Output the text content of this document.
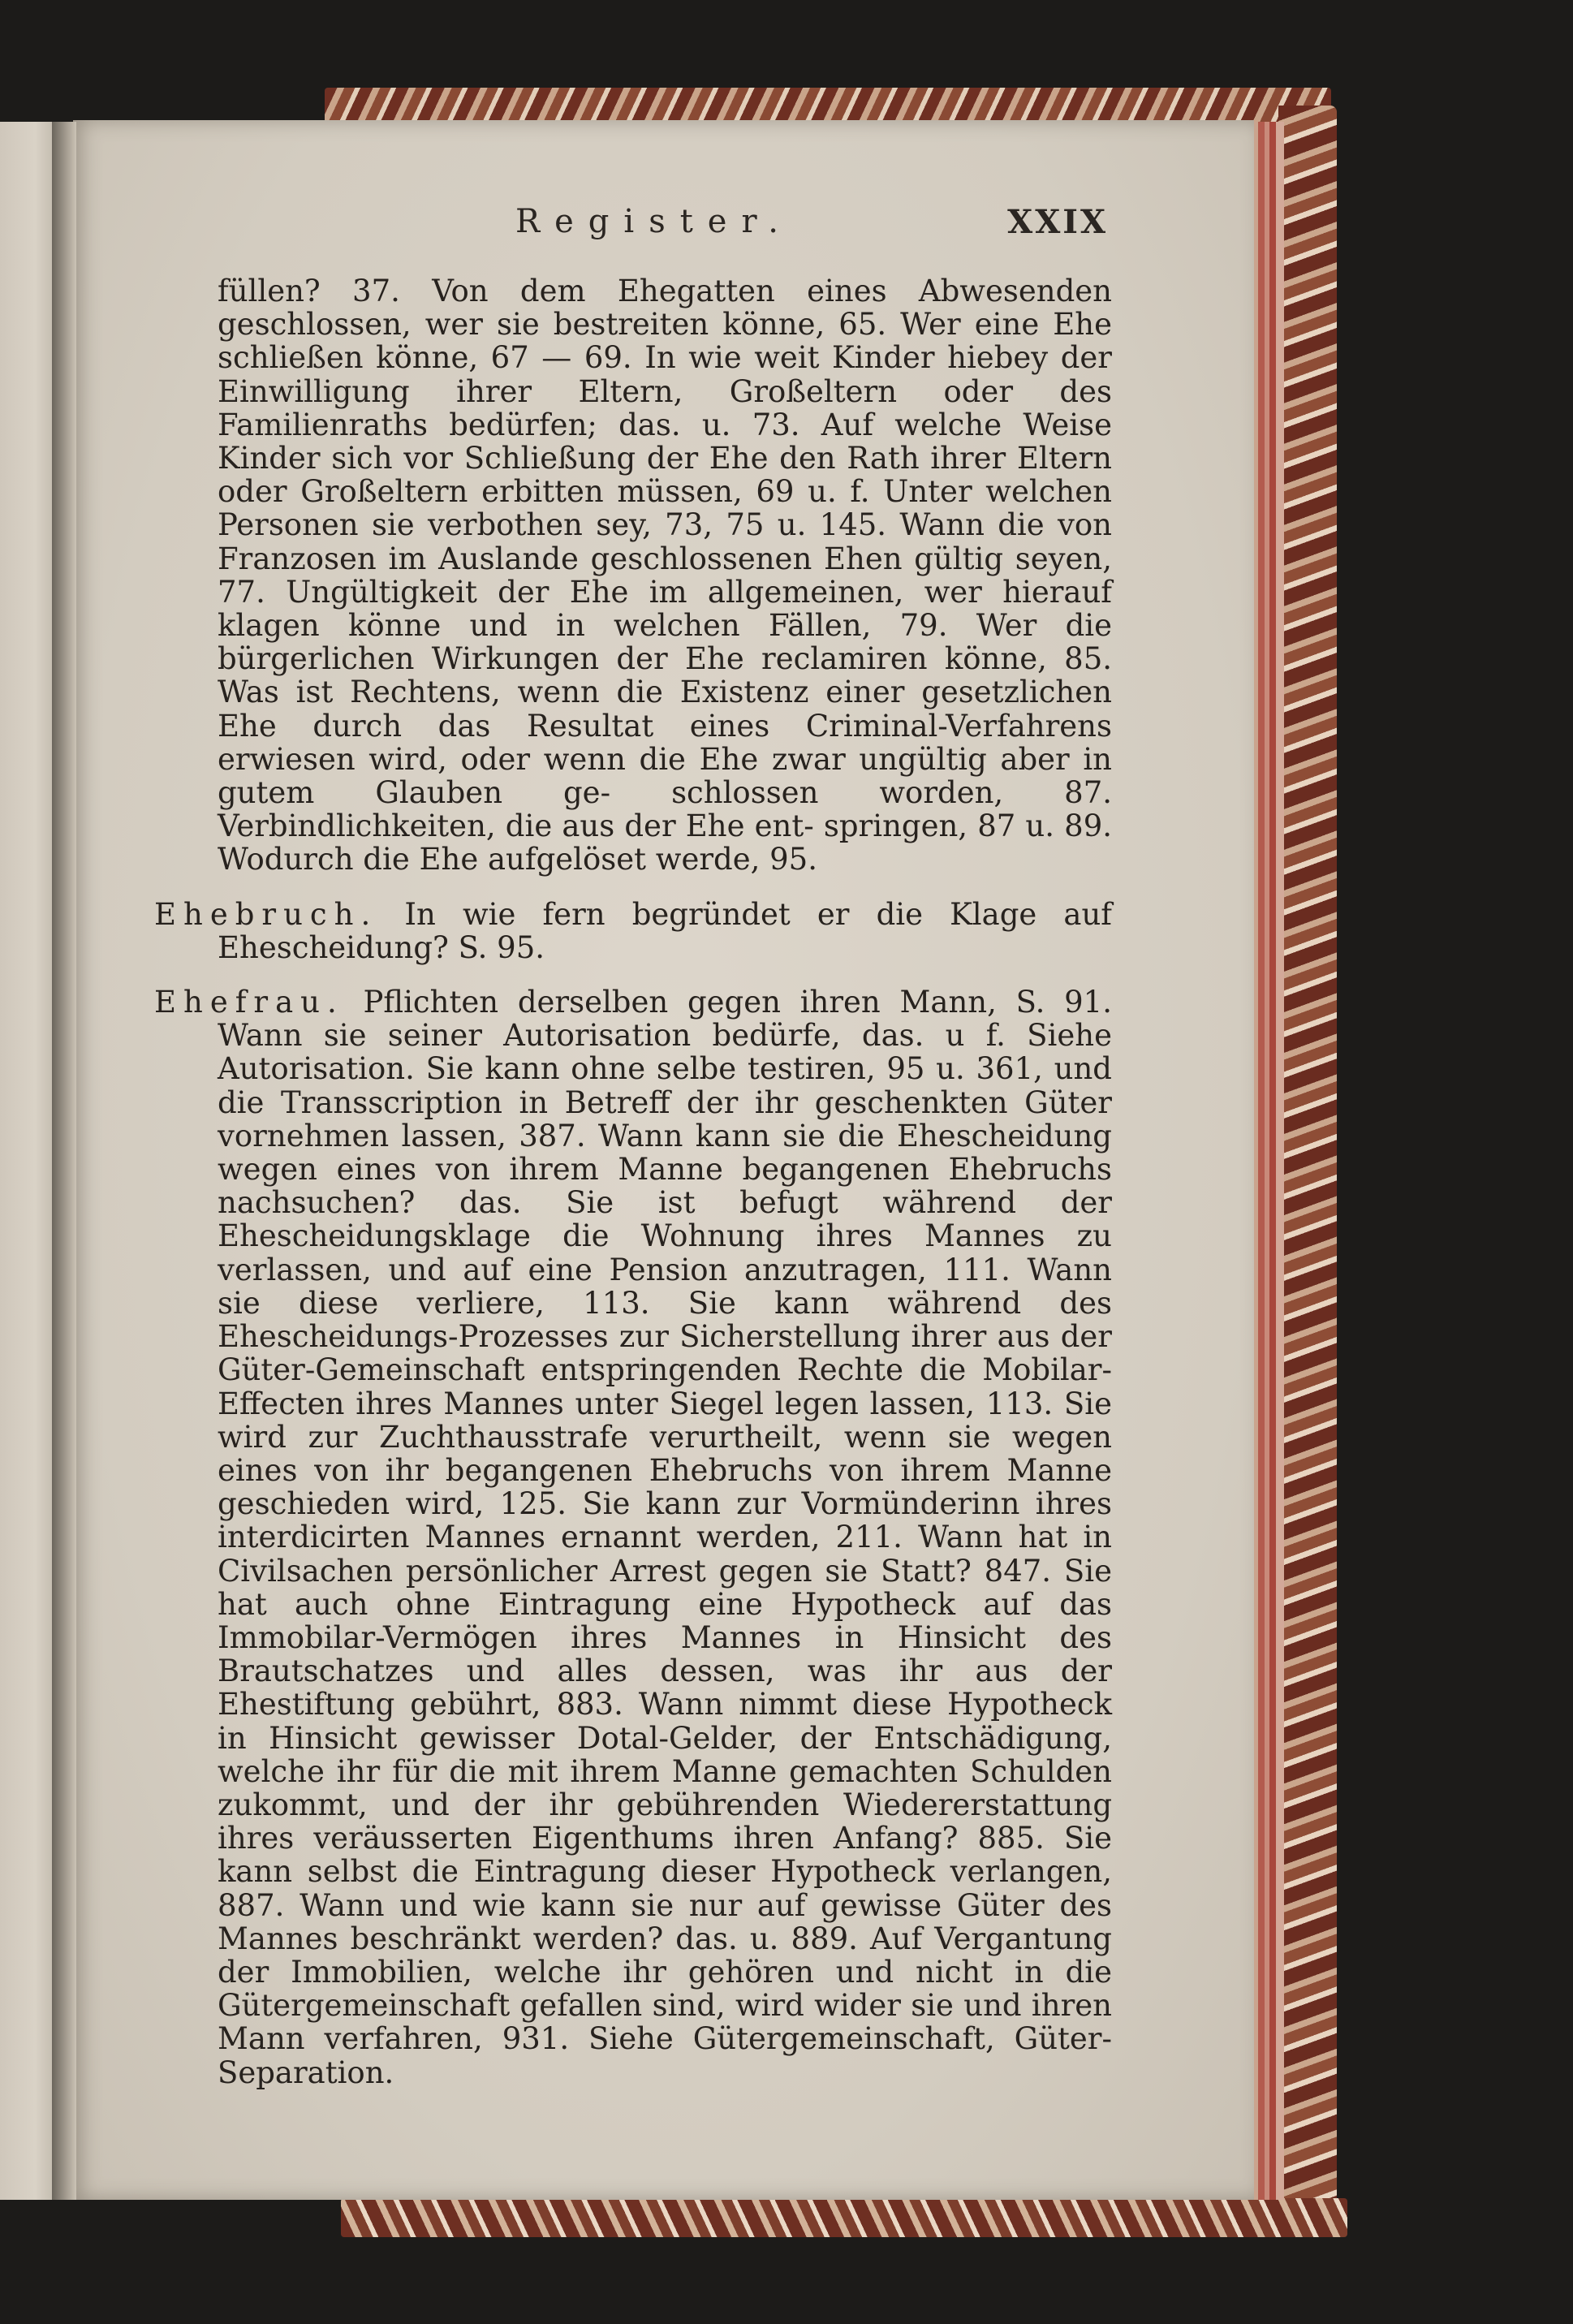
Register.	XXIX

füllen? 37. Von dem Ehegatten eines Abwesenden geschlossen, wer sie bestreiten könne, 65. Wer eine Ehe schließen könne, 67 — 69. In wie weit Kinder hiebey der Einwilligung ihrer Eltern, Großeltern oder des Familienraths bedürfen; das. u. 73. Auf welche Weise Kinder sich vor Schließung der Ehe den Rath ihrer Eltern oder Großeltern erbitten müssen, 69 u. f. Unter welchen Personen sie verbothen sey, 73, 75 u. 145. Wann die von Franzosen im Auslande geschlossenen Ehen gültig seyen, 77. Ungültigkeit der Ehe im allgemeinen, wer hierauf klagen könne und in welchen Fällen, 79. Wer die bürgerlichen Wirkungen der Ehe reclamiren könne, 85. Was ist Rechtens, wenn die Existenz einer gesetzlichen Ehe durch das Resultat eines Criminal-Verfahrens erwiesen wird, oder wenn die Ehe zwar ungültig aber in gutem Glauben ge- schlossen worden, 87. Verbindlichkeiten, die aus der Ehe ent- springen, 87 u. 89. Wodurch die Ehe aufgelöset werde, 95.

Ehebruch. In wie fern begründet er die Klage auf Ehescheidung? S. 95.

Ehefrau. Pflichten derselben gegen ihren Mann, S. 91. Wann sie seiner Autorisation bedürfe, das. u f. Siehe Autorisation. Sie kann ohne selbe testiren, 95 u. 361, und die Transscription in Betreff der ihr geschenkten Güter vornehmen lassen, 387. Wann kann sie die Ehescheidung wegen eines von ihrem Manne begangenen Ehebruchs nachsuchen? das. Sie ist befugt während der Ehescheidungsklage die Wohnung ihres Mannes zu verlassen, und auf eine Pension anzutragen, 111. Wann sie diese verliere, 113. Sie kann während des Ehescheidungs-Prozesses zur Sicherstellung ihrer aus der Güter-Gemeinschaft entspringenden Rechte die Mobilar-Effecten ihres Mannes unter Siegel legen lassen, 113. Sie wird zur Zuchthausstrafe verurtheilt, wenn sie wegen eines von ihr begangenen Ehebruchs von ihrem Manne geschieden wird, 125. Sie kann zur Vormünderinn ihres interdicirten Mannes ernannt werden, 211. Wann hat in Civilsachen persönlicher Arrest gegen sie Statt? 847. Sie hat auch ohne Eintragung eine Hypotheck auf das Immobilar-Vermögen ihres Mannes in Hinsicht des Brautschatzes und alles dessen, was ihr aus der Ehestiftung gebührt, 883. Wann nimmt diese Hypotheck in Hinsicht gewisser Dotal-Gelder, der Entschädigung, welche ihr für die mit ihrem Manne gemachten Schulden zukommt, und der ihr gebührenden Wiedererstattung ihres veräusserten Eigenthums ihren Anfang? 885. Sie kann selbst die Eintragung dieser Hypotheck verlangen, 887. Wann und wie kann sie nur auf gewisse Güter des Mannes beschränkt werden? das. u. 889. Auf Vergantung der Immobilien, welche ihr gehören und nicht in die Gütergemeinschaft gefallen sind, wird wider sie und ihren Mann verfahren, 931. Siehe Gütergemeinschaft, Güter-Separation.
